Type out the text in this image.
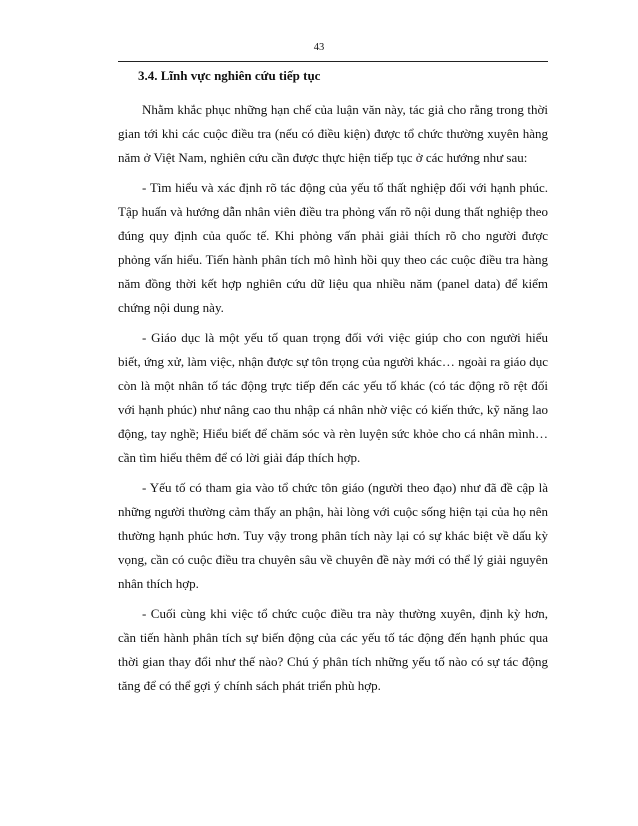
43
3.4. Lĩnh vực nghiên cứu tiếp tục

Nhằm khắc phục những hạn chế của luận văn này, tác giả cho rằng trong thời gian tới khi các cuộc điều tra (nếu có điều kiện) được tổ chức thường xuyên hàng năm ở Việt Nam, nghiên cứu cần được thực hiện tiếp tục ở các hướng như sau:

- Tìm hiểu và xác định rõ tác động của yếu tố thất nghiệp đối với hạnh phúc. Tập huấn và hướng dẫn nhân viên điều tra phỏng vấn rõ nội dung thất nghiệp theo đúng quy định của quốc tế. Khi phỏng vấn phải giải thích rõ cho người được phỏng vấn hiểu. Tiến hành phân tích mô hình hồi quy theo các cuộc điều tra hàng năm đồng thời kết hợp nghiên cứu dữ liệu qua nhiều năm (panel data) để kiểm chứng nội dung này.

- Giáo dục là một yếu tố quan trọng đối với việc giúp cho con người hiểu biết, ứng xử, làm việc, nhận được sự tôn trọng của người khác… ngoài ra giáo dục còn là một nhân tố tác động trực tiếp đến các yếu tố khác (có tác động rõ rệt đối với hạnh phúc) như nâng cao thu nhập cá nhân nhờ việc có kiến thức, kỹ năng lao động, tay nghề; Hiểu biết để chăm sóc và rèn luyện sức khỏe cho cá nhân mình… cần tìm hiểu thêm để có lời giải đáp thích hợp.

- Yếu tố có tham gia vào tổ chức tôn giáo (người theo đạo) như đã đề cập là những người thường cảm thấy an phận, hài lòng với cuộc sống hiện tại của họ nên thường hạnh phúc hơn. Tuy vậy trong phân tích này lại có sự khác biệt về dấu kỳ vọng, cần có cuộc điều tra chuyên sâu về chuyên đề này mới có thể lý giải nguyên nhân thích hợp.

- Cuối cùng khi việc tổ chức cuộc điều tra này thường xuyên, định kỳ hơn, cần tiến hành phân tích sự biến động của các yếu tố tác động đến hạnh phúc qua thời gian thay đổi như thế nào? Chú ý phân tích những yếu tố nào có sự tác động tăng để có thể gợi ý chính sách phát triển phù hợp.
